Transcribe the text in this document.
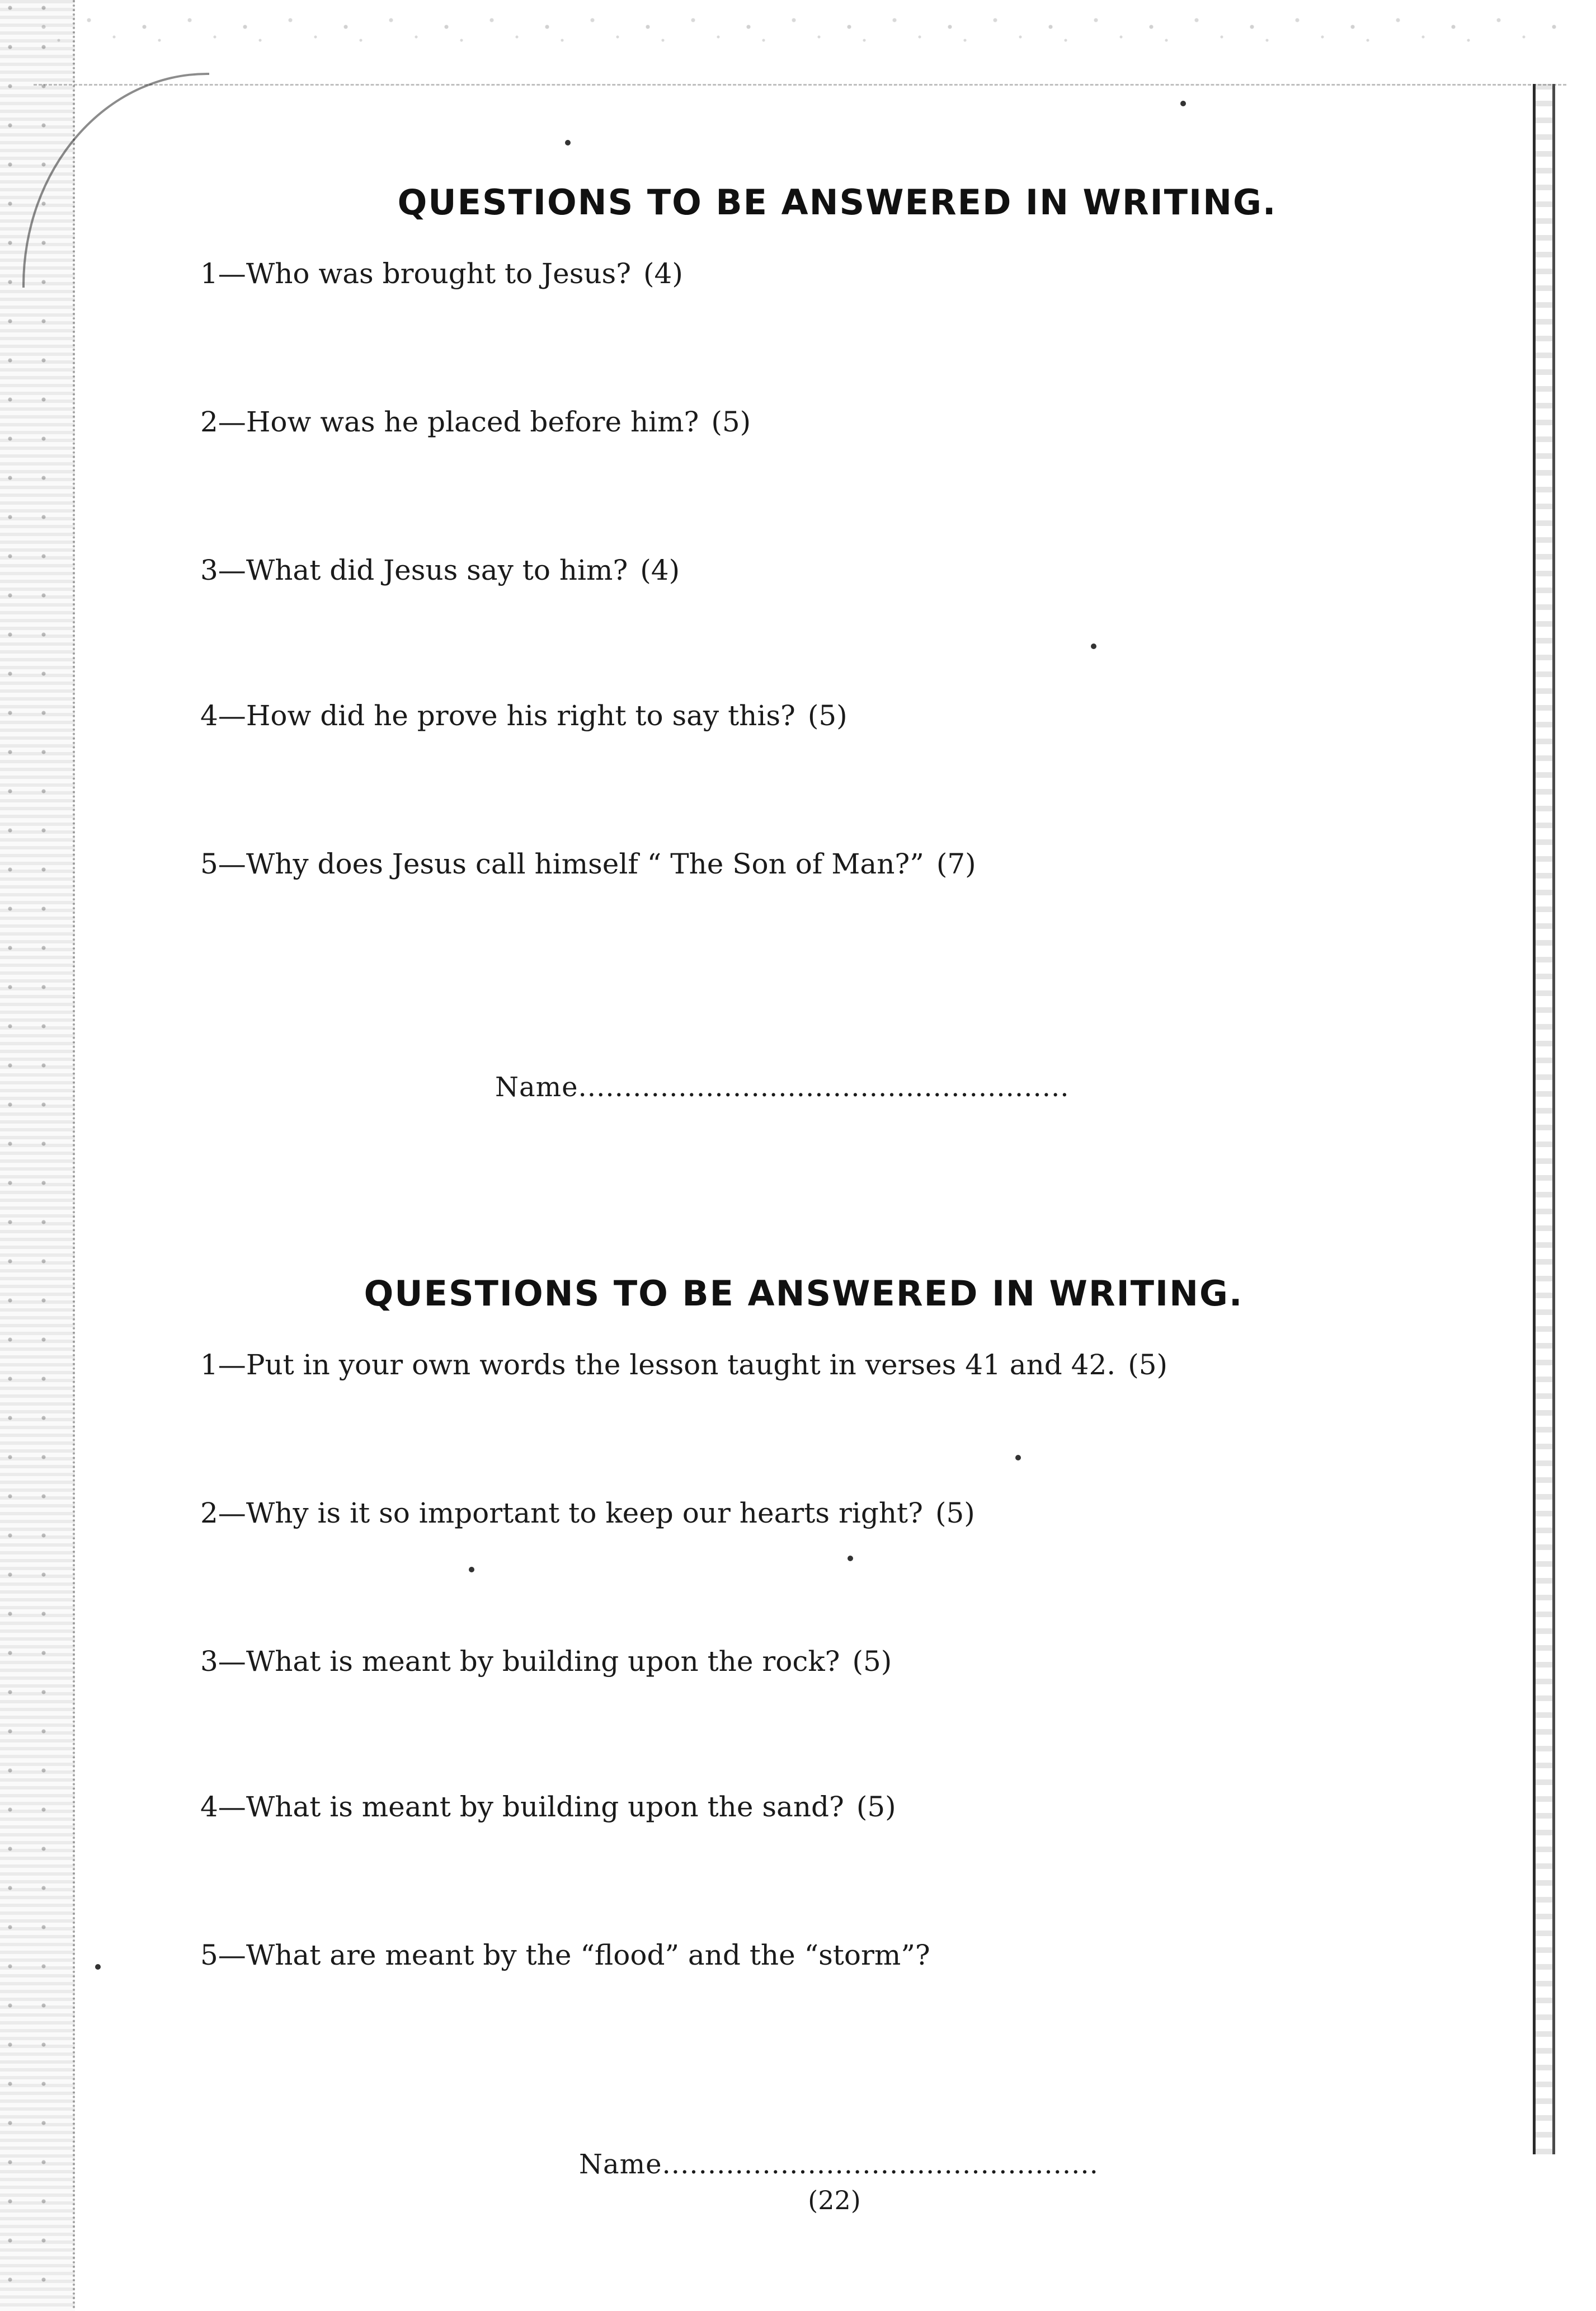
QUESTIONS TO BE ANSWERED IN WRITING.
1—Who was brought to Jesus? (4)
2—How was he placed before him? (5)
3—What did Jesus say to him? (4)
4—How did he prove his right to say this? (5)
5—Why does Jesus call himself “ The Son of Man?” (7)
Name......................................................
QUESTIONS TO BE ANSWERED IN WRITING.
1—Put in your own words the lesson taught in verses 41 and 42. (5)
2—Why is it so important to keep our hearts right? (5)
3—What is meant by building upon the rock? (5)
4—What is meant by building upon the sand? (5)
5—What are meant by the “flood” and the “storm”?
Name................................................
(22)
